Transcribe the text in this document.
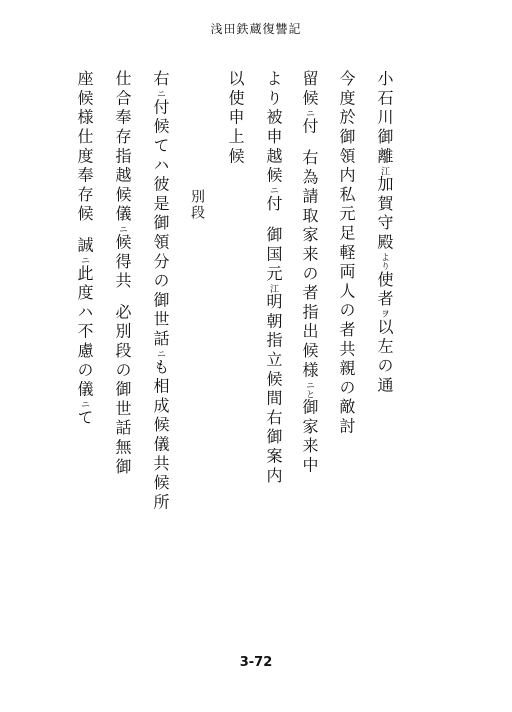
浅田鉄蔵復讐記
小石川御離江加賀守殿より使者ヲ以左の通
今度於御領内私元足軽両人の者共親の敵討
留候ニ付右為請取家来の者指出候様ニと御家来中
より被申越候ニ付御国元江明朝指立候間右御案内
以使申上候
別段
右ニ付候てハ彼是御領分の御世話ニも相成候儀共候所
仕合奉存指越候儀ニ候得共必別段の御世話無御
座候様仕度奉存候誠ニ此度ハ不慮の儀ニて
3-72
